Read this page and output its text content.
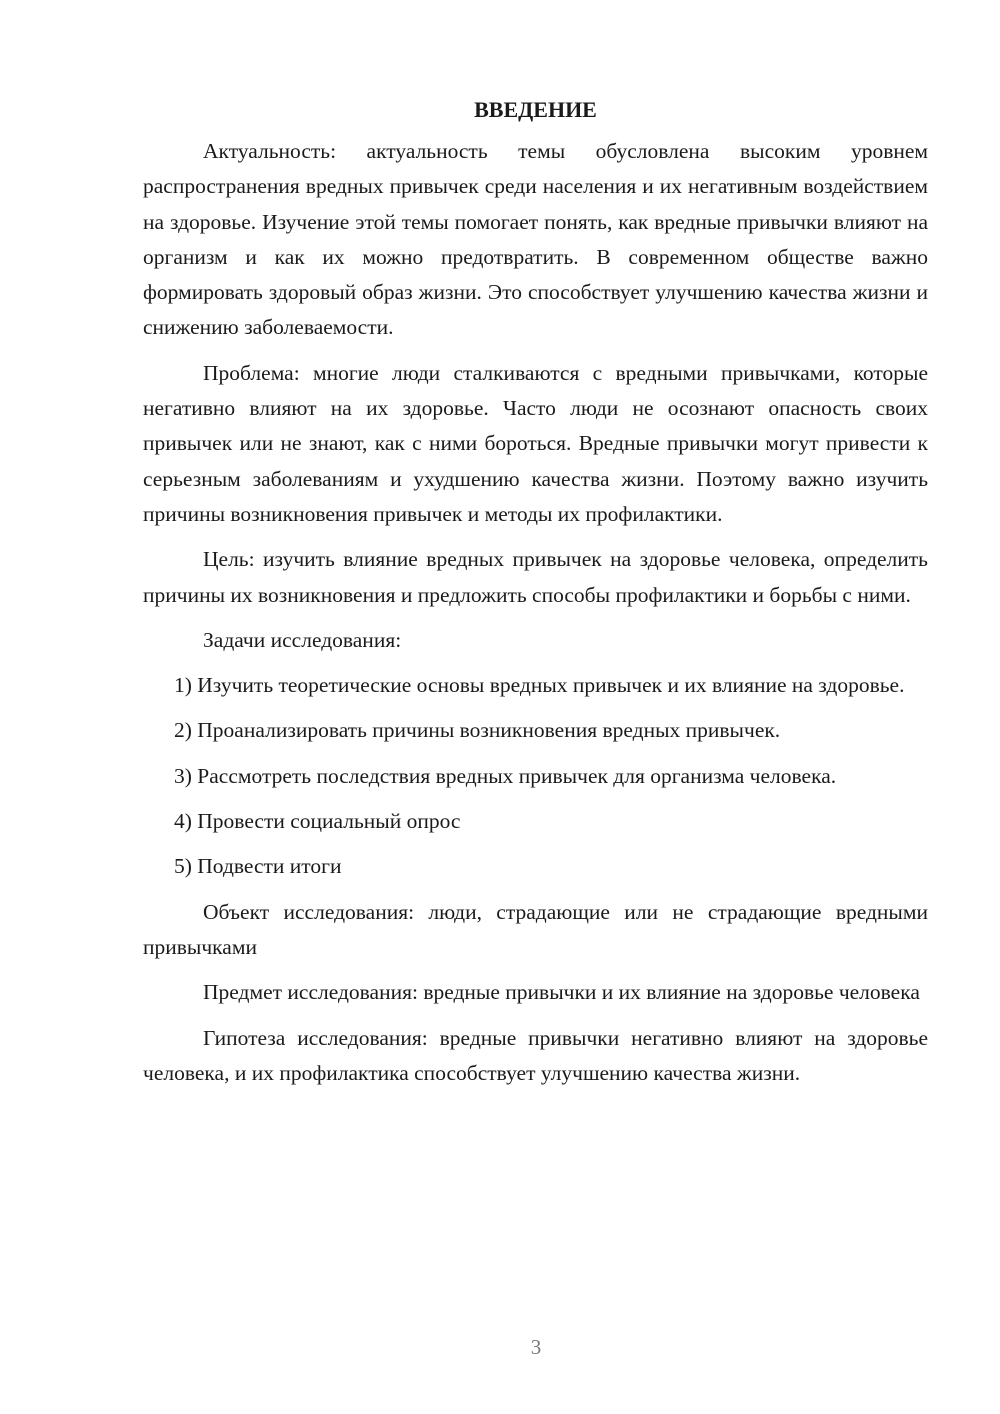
ВВЕДЕНИЕ

Актуальность: актуальность темы обусловлена высоким уровнем распространения вредных привычек среди населения и их негативным воздействием на здоровье. Изучение этой темы помогает понять, как вредные привычки влияют на организм и как их можно предотвратить. В современном обществе важно формировать здоровый образ жизни. Это способствует улучшению качества жизни и снижению заболеваемости.

Проблема: многие люди сталкиваются с вредными привычками, которые негативно влияют на их здоровье. Часто люди не осознают опасность своих привычек или не знают, как с ними бороться. Вредные привычки могут привести к серьезным заболеваниям и ухудшению качества жизни. Поэтому важно изучить причины возникновения привычек и методы их профилактики.

Цель: изучить влияние вредных привычек на здоровье человека, определить причины их возникновения и предложить способы профилактики и борьбы с ними.

Задачи исследования:

1) Изучить теоретические основы вредных привычек и их влияние на здоровье.

2) Проанализировать причины возникновения вредных привычек.

3) Рассмотреть последствия вредных привычек для организма человека.

4) Провести социальный опрос

5) Подвести итоги

Объект исследования: люди, страдающие или не страдающие вредными привычками

Предмет исследования: вредные привычки и их влияние на здоровье человека

Гипотеза исследования: вредные привычки негативно влияют на здоровье человека, и их профилактика способствует улучшению качества жизни.

3
